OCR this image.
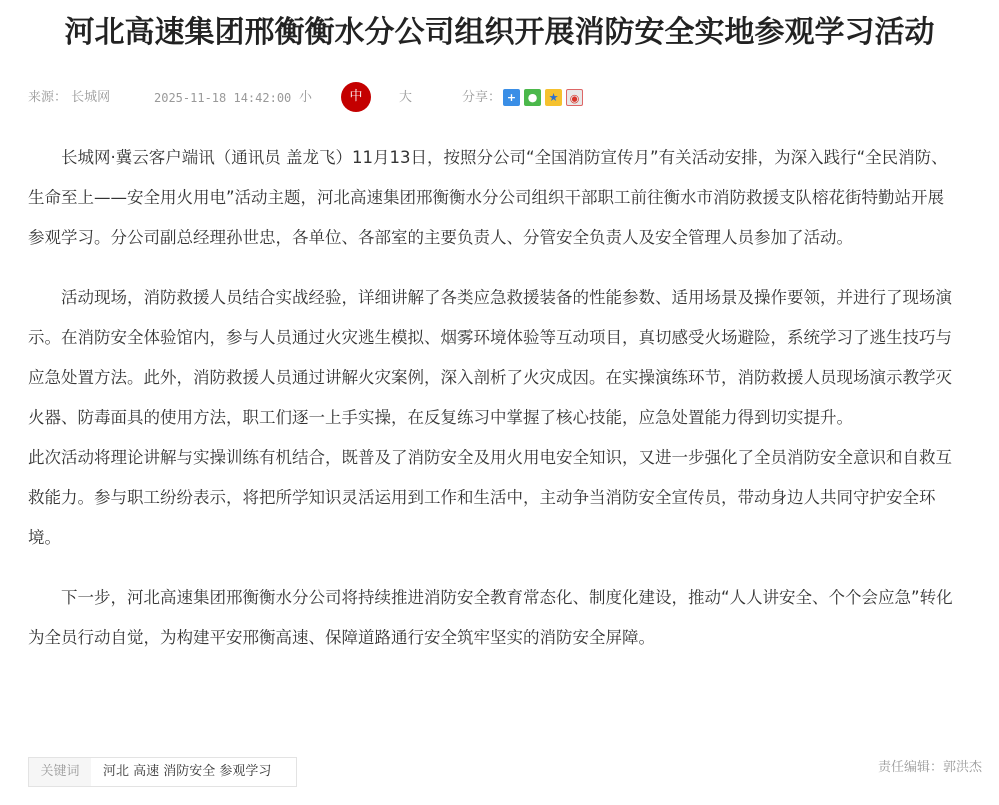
河北高速集团邢衡衡水分公司组织开展消防安全实地参观学习活动
来源： 长城网	2025-11-18 14:42:00 小	中	大	分享： +	●	★	◉

长城网·冀云客户端讯（通讯员 盖龙飞）11月13日，按照分公司“全国消防宣传月”有关活动安排，为深入践行“全民消防、生命至上——安全用火用电”活动主题，河北高速集团邢衡衡水分公司组织干部职工前往衡水市消防救援支队榕花街特勤站开展参观学习。分公司副总经理孙世忠，各单位、各部室的主要负责人、分管安全负责人及安全管理人员参加了活动。

活动现场，消防救援人员结合实战经验，详细讲解了各类应急救援装备的性能参数、适用场景及操作要领，并进行了现场演示。在消防安全体验馆内，参与人员通过火灾逃生模拟、烟雾环境体验等互动项目，真切感受火场避险，系统学习了逃生技巧与应急处置方法。此外，消防救援人员通过讲解火灾案例，深入剖析了火灾成因。在实操演练环节，消防救援人员现场演示教学灭火器、防毒面具的使用方法，职工们逐一上手实操，在反复练习中掌握了核心技能，应急处置能力得到切实提升。

此次活动将理论讲解与实操训练有机结合，既普及了消防安全及用火用电安全知识，又进一步强化了全员消防安全意识和自救互救能力。参与职工纷纷表示，将把所学知识灵活运用到工作和生活中，主动争当消防安全宣传员，带动身边人共同守护安全环境。

下一步，河北高速集团邢衡衡水分公司将持续推进消防安全教育常态化、制度化建设，推动“人人讲安全、个个会应急”转化为全员行动自觉，为构建平安邢衡高速、保障道路通行安全筑牢坚实的消防安全屏障。

关键词	河北 高速 消防安全 参观学习	责任编辑：郭洪杰
